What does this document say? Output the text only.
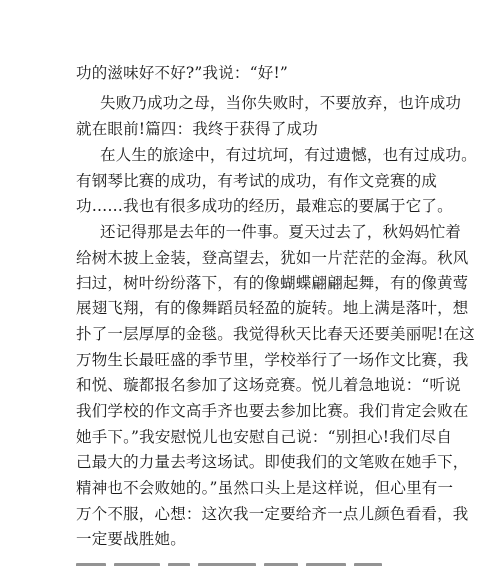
功的滋味好不好?”我说：“好!”
失败乃成功之母，当你失败时，不要放弃，也许成功
就在眼前!篇四：我终于获得了成功
在人生的旅途中，有过坑坷，有过遗憾，也有过成功。
有钢琴比赛的成功，有考试的成功，有作文竞赛的成
功……我也有很多成功的经历，最难忘的要属于它了。
还记得那是去年的一件事。夏天过去了，秋妈妈忙着
给树木披上金装，登高望去，犹如一片茫茫的金海。秋风
扫过，树叶纷纷落下，有的像蝴蝶翩翩起舞，有的像黄莺
展翅飞翔，有的像舞蹈员轻盈的旋转。地上满是落叶，想
扑了一层厚厚的金毯。我觉得秋天比春天还要美丽呢!在这
万物生长最旺盛的季节里，学校举行了一场作文比赛，我
和悦、璇都报名参加了这场竞赛。悦儿着急地说：“听说
我们学校的作文高手齐也要去参加比赛。我们肯定会败在
她手下。”我安慰悦儿也安慰自己说：“别担心!我们尽自
己最大的力量去考这场试。即使我们的文笔败在她手下，
精神也不会败她的。”虽然口头上是这样说，但心里有一
万个不服，心想：这次我一定要给齐一点儿颜色看看，我
一定要战胜她。
